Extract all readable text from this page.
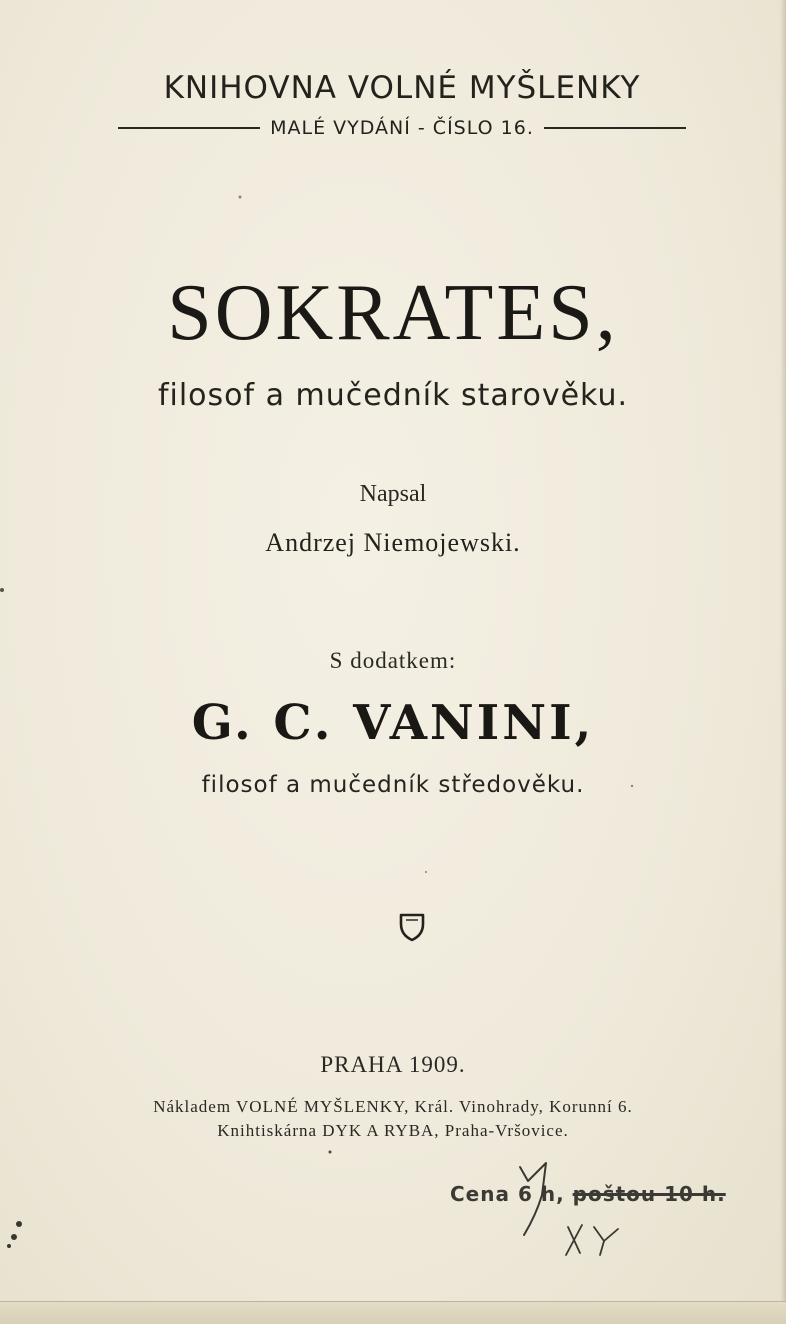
KNIHOVNA VOLNÉ MYŠLENKY
MALÉ VYDÁNÍ - ČÍSLO 16.
SOKRATES,
filosof a mučedník starověku.
Napsal
Andrzej Niemojewski.
S dodatkem:
G. C. VANINI,
filosof a mučedník středověku.
PRAHA 1909.
Nákladem VOLNÉ MYŠLENKY, Král. Vinohrady, Korunní 6.
Knihtiskárna DYK A RYBA, Praha-Vršovice.
Cena 6 h, poštou 10 h.
